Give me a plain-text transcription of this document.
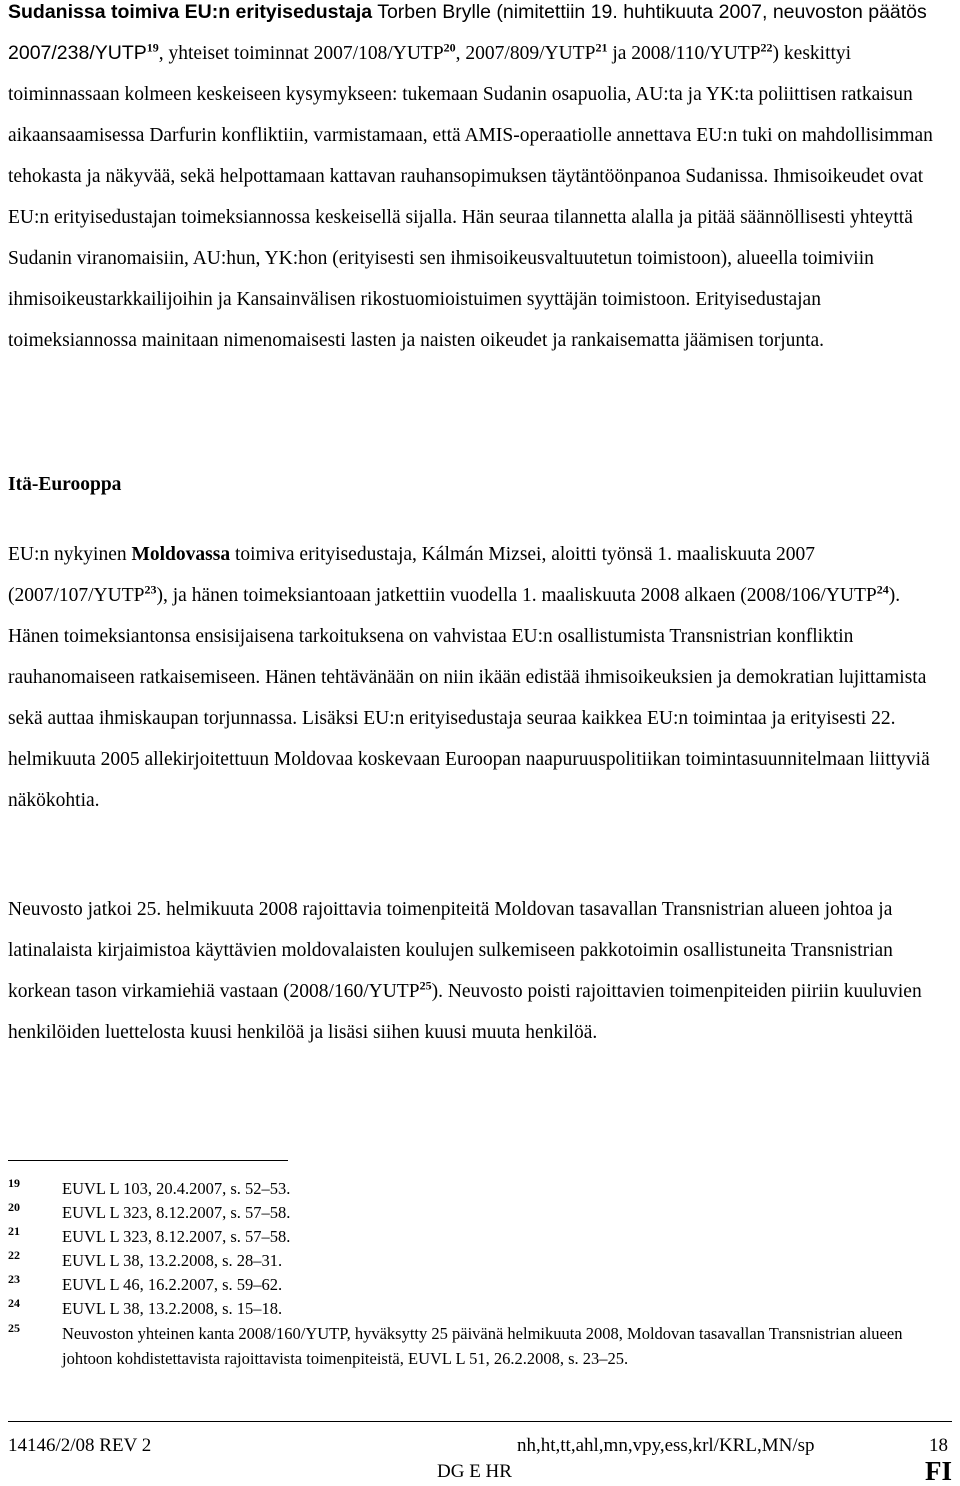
Sudanissa toimiva EU:n erityisedustaja Torben Brylle (nimitettiin 19. huhtikuuta 2007, neuvoston päätös 2007/238/YUTP$^{19}$, yhteiset toiminnat 2007/108/YUTP$^{20}$, 2007/809/YUTP$^{21}$ ja 2008/110/YUTP$^{22}$) keskittyi toiminnassaan kolmeen keskeiseen kysymykseen: tukemaan Sudanin osapuolia, AU:ta ja YK:ta poliittisen ratkaisun aikaansaamisessa Darfurin konfliktiin, varmistamaan, että AMIS-operaatiolle annettava EU:n tuki on mahdollisimman tehokasta ja näkyvää, sekä helpottamaan kattavan rauhansopimuksen täytäntöönpanoa Sudanissa. Ihmisoikeudet ovat EU:n erityisedustajan toimeksiannossa keskeisellä sijalla. Hän seuraa tilannetta alalla ja pitää säännöllisesti yhteyttä Sudanin viranomaisiin, AU:hun, YK:hon (erityisesti sen ihmisoikeusvaltuutetun toimistoon), alueella toimiviin ihmisoikeustarkkailijoihin ja Kansainvälisen rikostuomioistuimen syyttäjän toimistoon. Erityisedustajan toimeksiannossa mainitaan nimenomaisesti lasten ja naisten oikeudet ja rankaisematta jäämisen torjunta.

Itä-Eurooppa

EU:n nykyinen Moldovassa toimiva erityisedustaja, Kálmán Mizsei, aloitti työnsä 1. maaliskuuta 2007 (2007/107/YUTP$^{23}$), ja hänen toimeksiantoaan jatkettiin vuodella 1. maaliskuuta 2008 alkaen (2008/106/YUTP$^{24}$). Hänen toimeksiantonsa ensisijaisena tarkoituksena on vahvistaa EU:n osallistumista Transnistrian konfliktin rauhanomaiseen ratkaisemiseen. Hänen tehtävänään on niin ikään edistää ihmisoikeuksien ja demokratian lujittamista sekä auttaa ihmiskaupan torjunnassa. Lisäksi EU:n erityisedustaja seuraa kaikkea EU:n toimintaa ja erityisesti 22. helmikuuta 2005 allekirjoitettuun Moldovaa koskevaan Euroopan naapuruuspolitiikan toimintasuunnitelmaan liittyviä näkökohtia.

Neuvosto jatkoi 25. helmikuuta 2008 rajoittavia toimenpiteitä Moldovan tasavallan Transnistrian alueen johtoa ja latinalaista kirjaimistoa käyttävien moldovalaisten koulujen sulkemiseen pakkotoimin osallistuneita Transnistrian korkean tason virkamiehiä vastaan (2008/160/YUTP$^{25}$). Neuvosto poisti rajoittavien toimenpiteiden piiriin kuuluvien henkilöiden luettelosta kuusi henkilöä ja lisäsi siihen kuusi muuta henkilöä.

19	EUVL L 103, 20.4.2007, s. 52–53.
20	EUVL L 323, 8.12.2007, s. 57–58.
21	EUVL L 323, 8.12.2007, s. 57–58.
22	EUVL L 38, 13.2.2008, s. 28–31.
23	EUVL L 46, 16.2.2007, s. 59–62.
24	EUVL L 38, 13.2.2008, s. 15–18.
25	Neuvoston yhteinen kanta 2008/160/YUTP, hyväksytty 25 päivänä helmikuuta 2008, Moldovan tasavallan Transnistrian alueen johtoon kohdistettavista rajoittavista toimenpiteistä, EUVL L 51, 26.2.2008, s. 23–25.
14146/2/08 REV 2	nh,ht,tt,ahl,mn,vpy,ess,krl/KRL,MN/sp	18
DG E HR	FI
